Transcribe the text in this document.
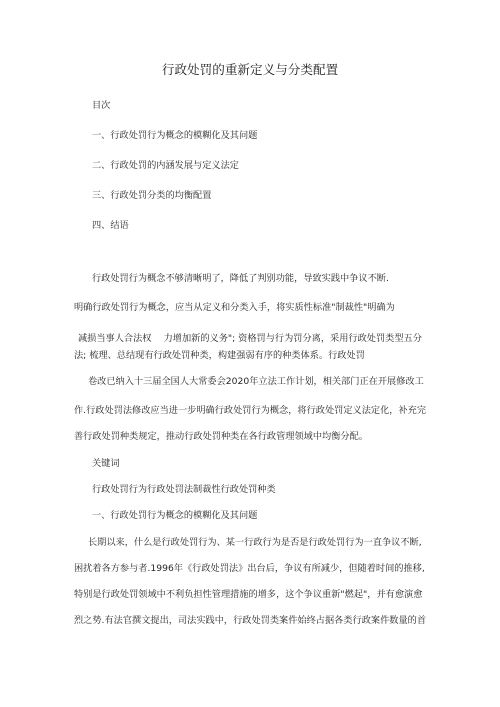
行政处罚的重新定义与分类配置
目次
一、行政处罚行为概念的模糊化及其问题
二、行政处罚的内涵发展与定义法定
三、行政处罚分类的均衡配置
四、结语
行政处罚行为概念不够清晰明了，降低了判别功能，导致实践中争议不断.
明确行政处罚行为概念，应当从定义和分类入手，将实质性标准"制裁性"明确为
减损当事人合法权　 力增加新的义务"; 资格罚与行为罚分离，采用行政处罚类型五分
法; 梳理、总结现有行政处罚种类，构建强弱有序的种类体系。行政处罚
卷改已纳入十三届全国人大常委会2020年立法工作计划，相关部门正在开展修改工
作.行政处罚法修改应当进一步明确行政处罚行为概念，将行政处罚定义法定化，补充完
善行政处罚种类规定，推动行政处罚种类在各行政管理领域中均衡分配。
关键词
行政处罚行为行政处罚法制裁性行政处罚种类
一、行政处罚行为概念的模糊化及其问题
长期以来，什么是行政处罚行为、某一行政行为是否是行政处罚行为一直争议不断,
困扰着各方参与者.1996年《行政处罚法》出台后，争议有所减少，但随着时间的推移,
特别是行政处罚领域中不利负担性管理措施的增多，这个争议重新"燃起"，并有愈演愈
烈之势.有法官撰文提出，司法实践中，行政处罚类案件始终占据各类行政案件数量的首
